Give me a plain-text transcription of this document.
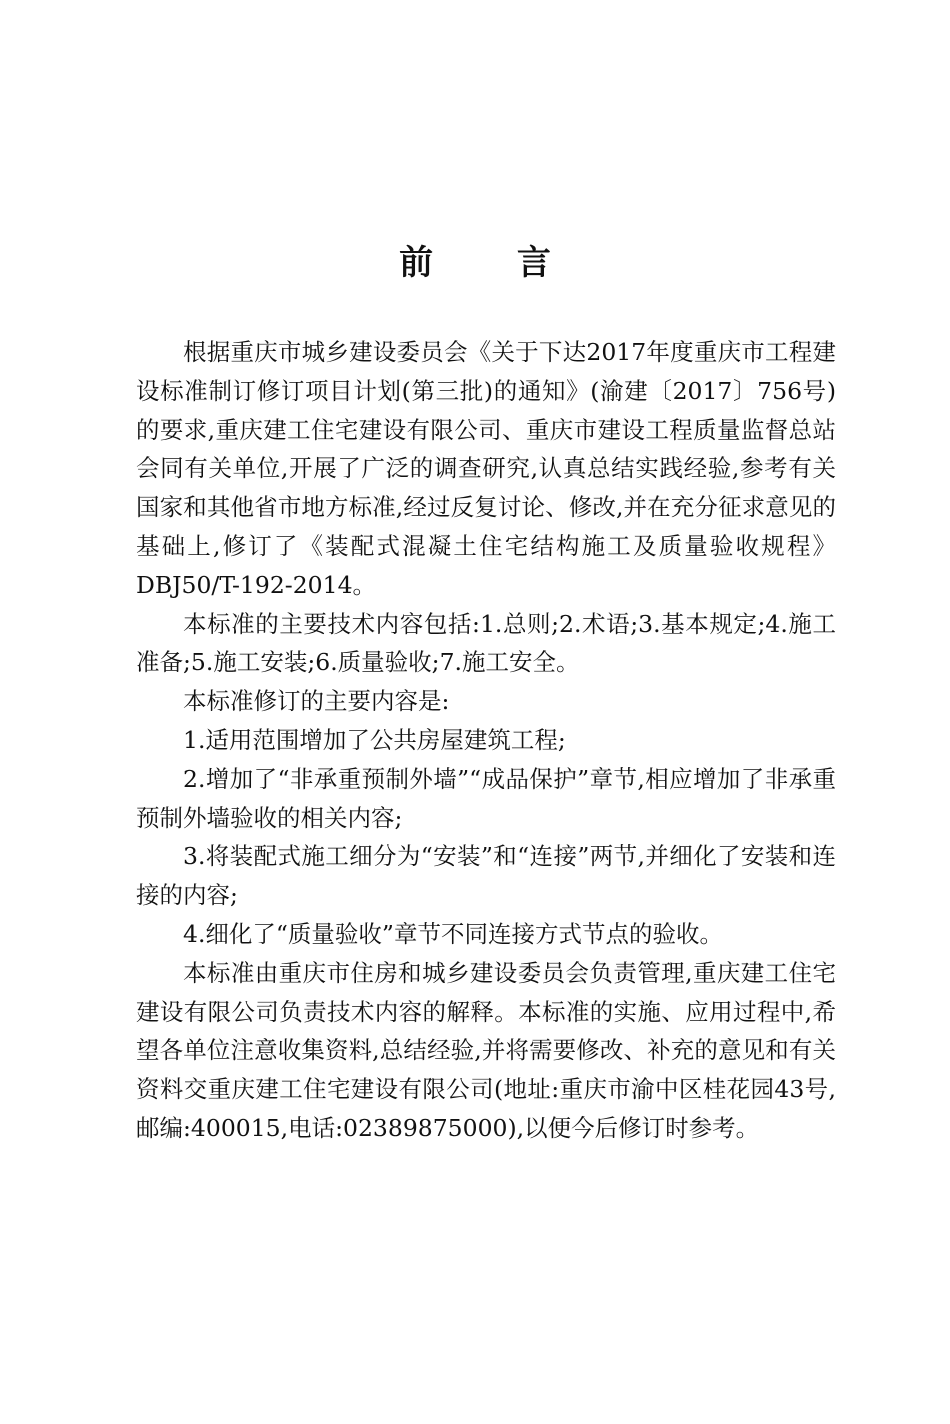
前 言

根据重庆市城乡建设委员会《关于下达2017年度重庆市工程建设标准制订修订项目计划(第三批)的通知》(渝建〔2017〕756号)的要求,重庆建工住宅建设有限公司、重庆市建设工程质量监督总站会同有关单位,开展了广泛的调查研究,认真总结实践经验,参考有关国家和其他省市地方标准,经过反复讨论、修改,并在充分征求意见的基础上,修订了《装配式混凝土住宅结构施工及质量验收规程》DBJ50/T-192-2014。

本标准的主要技术内容包括:1.总则;2.术语;3.基本规定;4.施工准备;5.施工安装;6.质量验收;7.施工安全。

本标准修订的主要内容是:

1.适用范围增加了公共房屋建筑工程;

2.增加了“非承重预制外墙”“成品保护”章节,相应增加了非承重预制外墙验收的相关内容;

3.将装配式施工细分为“安装”和“连接”两节,并细化了安装和连接的内容;

4.细化了“质量验收”章节不同连接方式节点的验收。

本标准由重庆市住房和城乡建设委员会负责管理,重庆建工住宅建设有限公司负责技术内容的解释。本标准的实施、应用过程中,希望各单位注意收集资料,总结经验,并将需要修改、补充的意见和有关资料交重庆建工住宅建设有限公司(地址:重庆市渝中区桂花园43号,邮编:400015,电话:02389875000),以便今后修订时参考。
